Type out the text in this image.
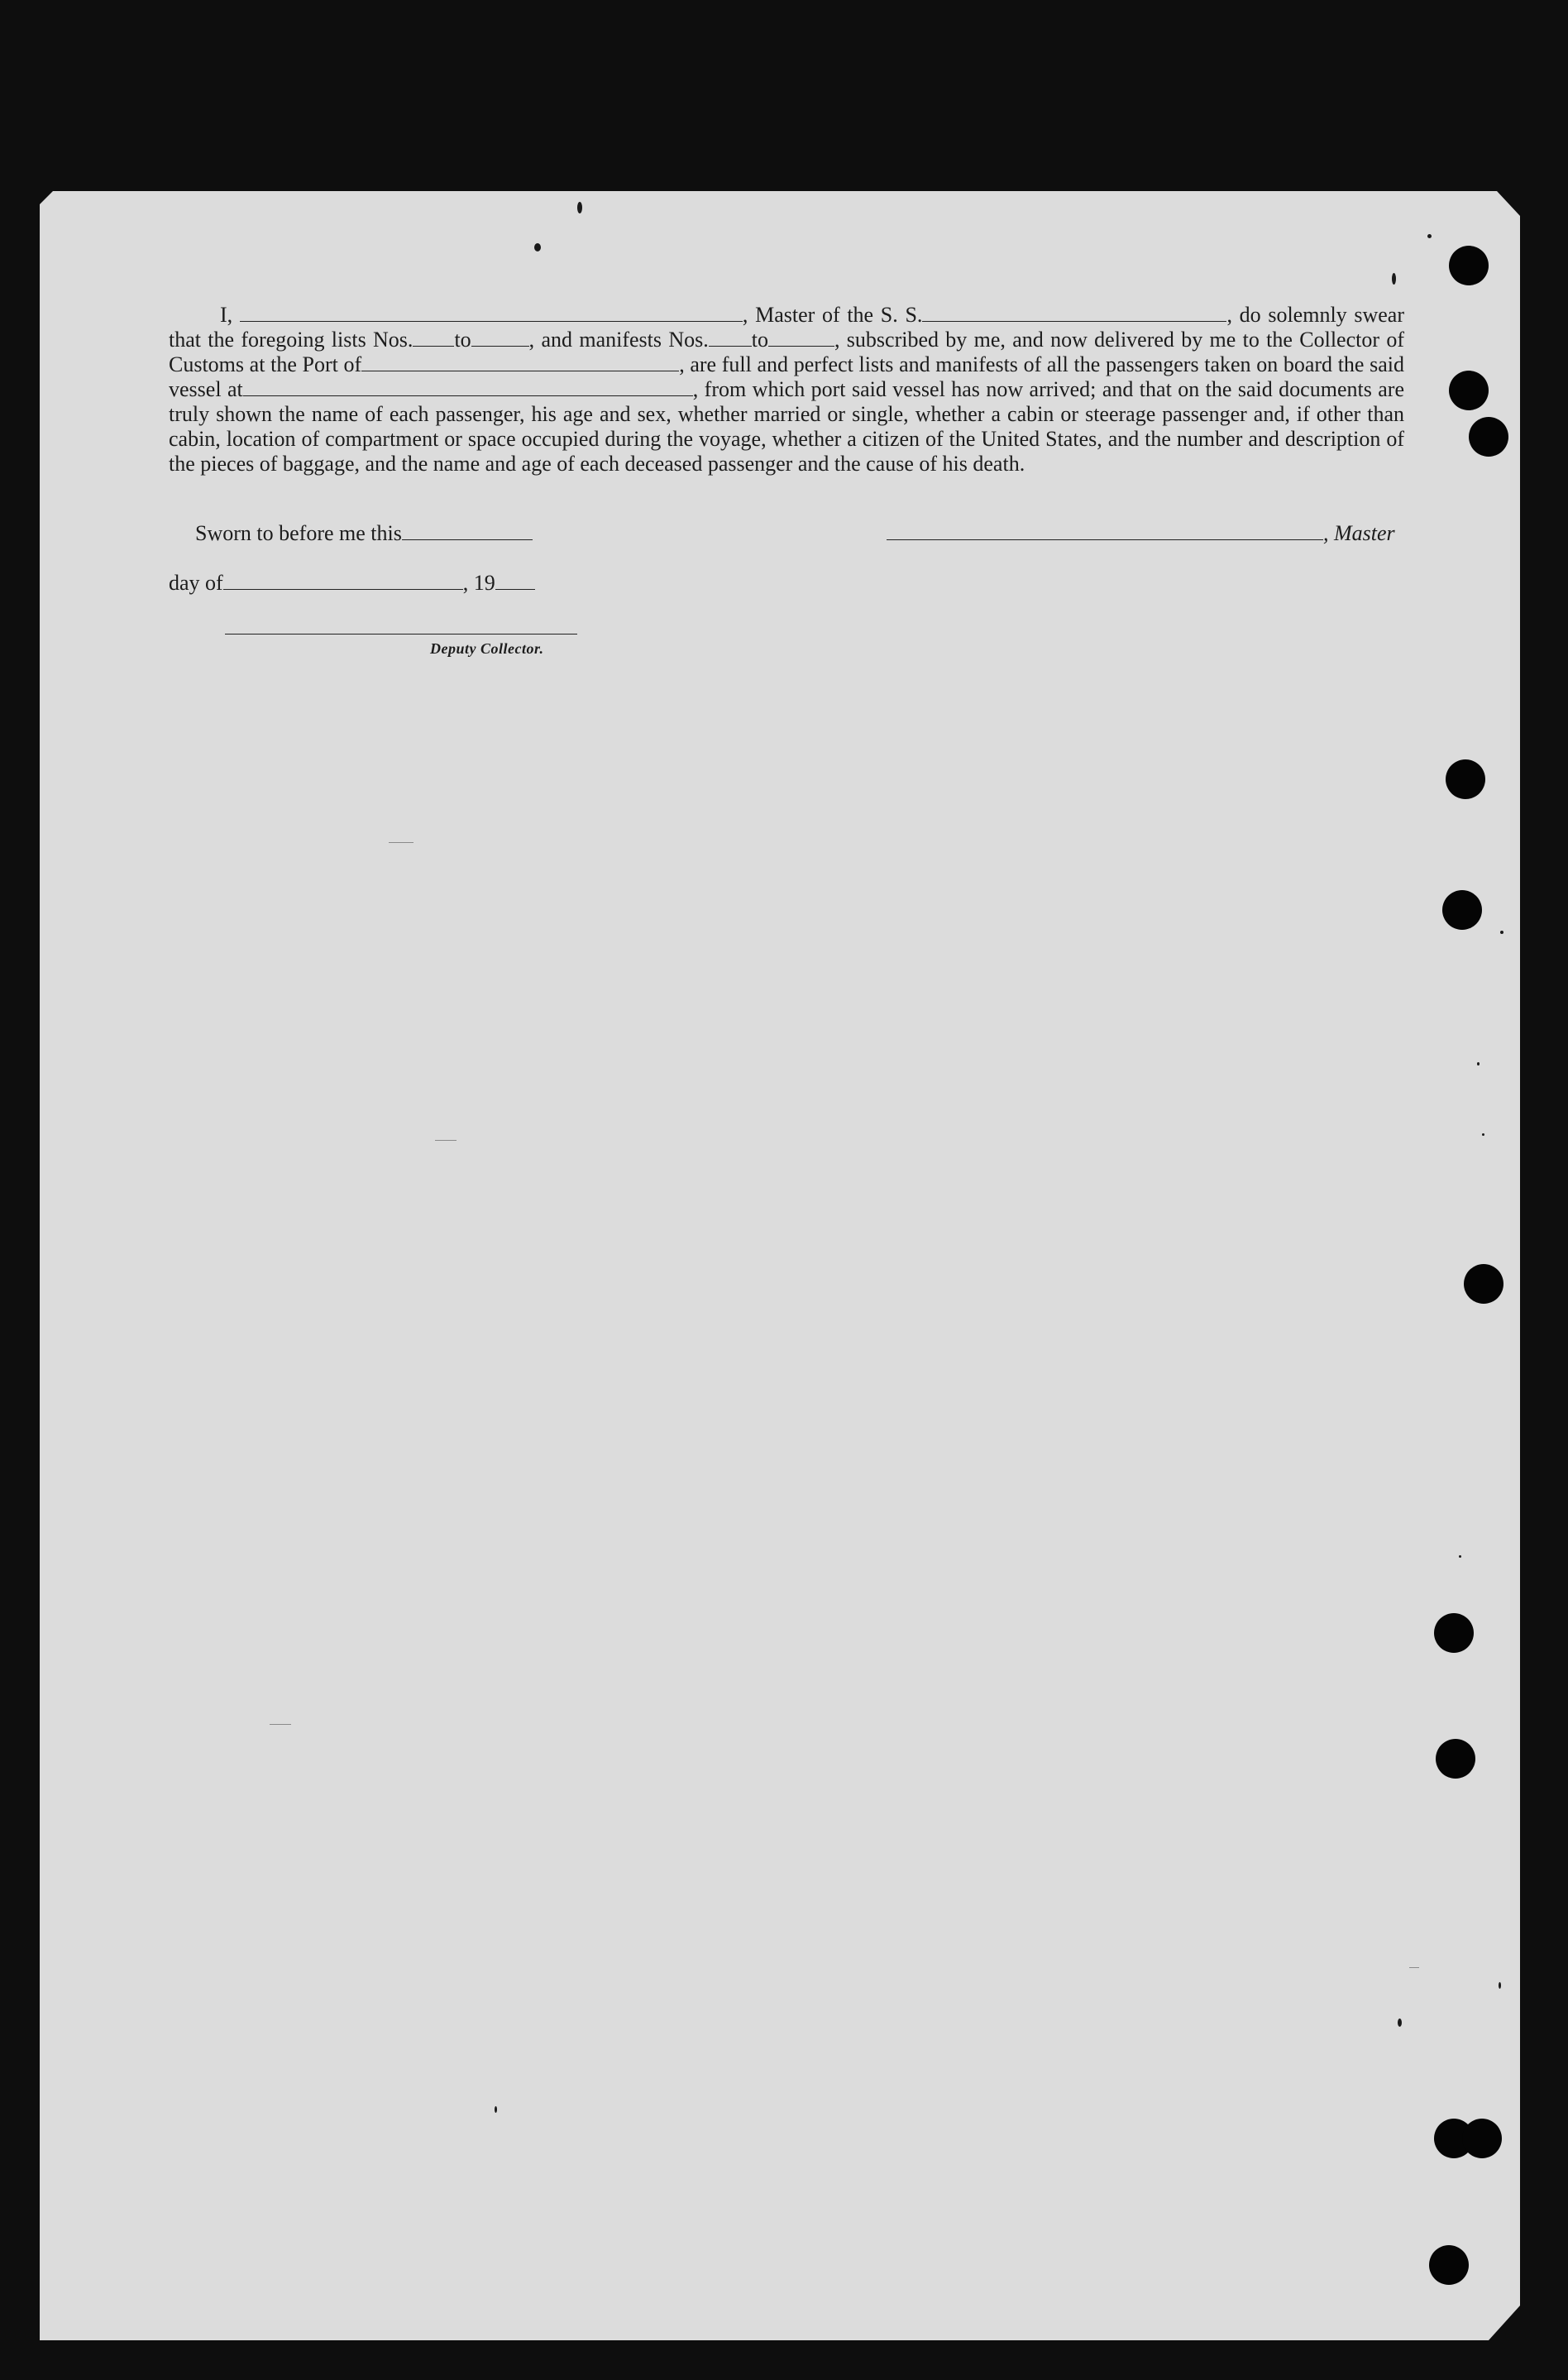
I,	, Master of the S. S.	, do solemnly swear that the foregoing lists Nos. to	, and manifests Nos. to	, subscribed by me, and now delivered by me to the Collector of Customs at the Port of	, are full and perfect lists and manifests of all the passengers taken on board the said vessel at	, from which port said vessel has now arrived; and that on the said documents are truly shown the name of each passenger, his age and sex, whether married or single, whether a cabin or steerage passenger and, if other than cabin, location of compartment or space occupied during the voyage, whether a citizen of the United States, and the number and description of the pieces of baggage, and the name and age of each deceased passenger and the cause of his death.
Sworn to before me this	, Master
day of	, 19
Deputy Collector.
